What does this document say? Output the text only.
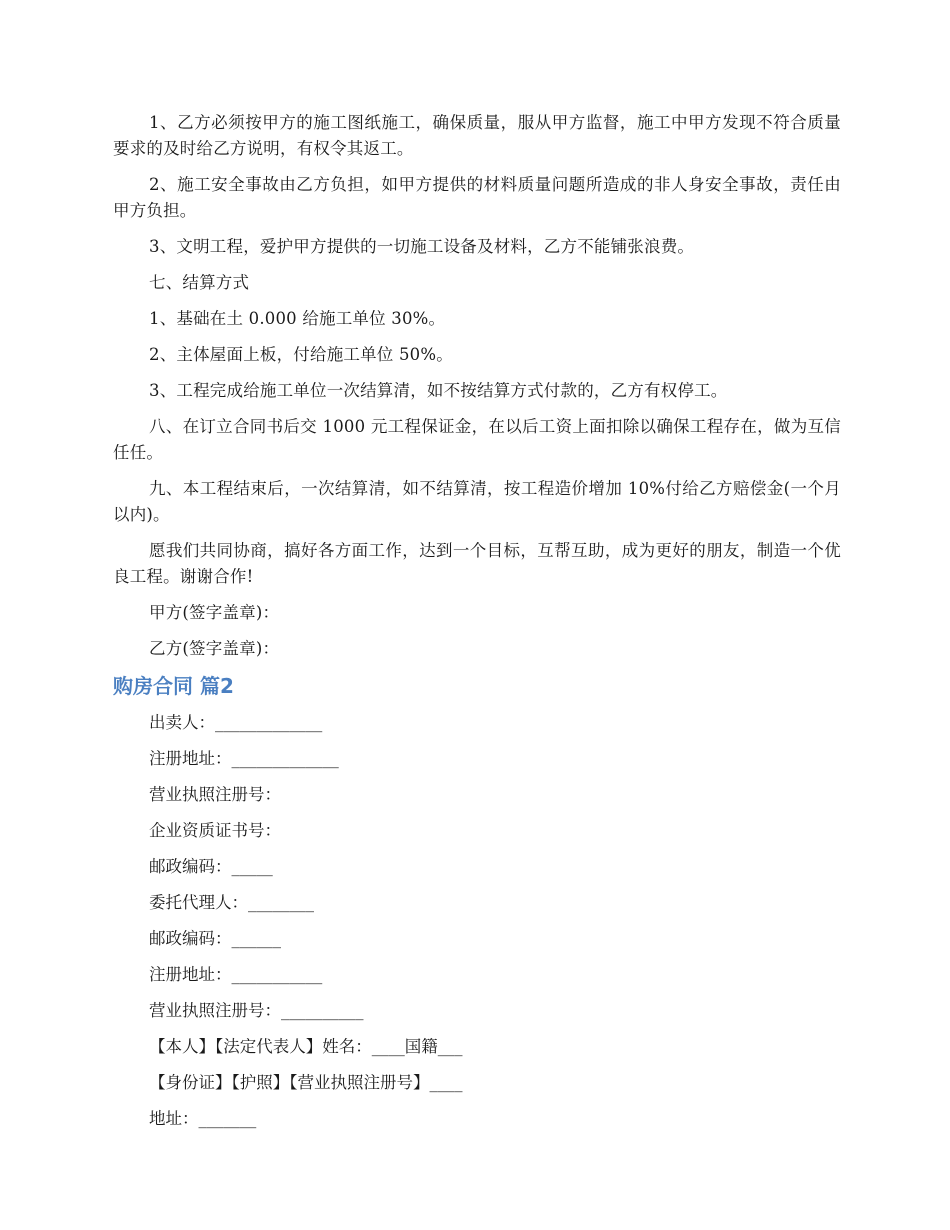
1、乙方必须按甲方的施工图纸施工，确保质量，服从甲方监督，施工中甲方发现不符合质量要求的及时给乙方说明，有权令其返工。

2、施工安全事故由乙方负担，如甲方提供的材料质量问题所造成的非人身安全事故，责任由甲方负担。

3、文明工程，爱护甲方提供的一切施工设备及材料，乙方不能铺张浪费。

七、结算方式

1、基础在土 0.000 给施工单位 30%。

2、主体屋面上板，付给施工单位 50%。

3、工程完成给施工单位一次结算清，如不按结算方式付款的，乙方有权停工。

八、在订立合同书后交 1000 元工程保证金，在以后工资上面扣除以确保工程存在，做为互信任任。

九、本工程结束后，一次结算清，如不结算清，按工程造价增加 10%付给乙方赔偿金(一个月以内)。

愿我们共同协商，搞好各方面工作，达到一个目标，互帮互助，成为更好的朋友，制造一个优良工程。谢谢合作!

甲方(签字盖章)：

乙方(签字盖章)：

购房合同 篇2
出卖人：_____________
注册地址：_____________
营业执照注册号：
企业资质证书号：
邮政编码：_____
委托代理人：________
邮政编码：______
注册地址：___________
营业执照注册号：__________
【本人】【法定代表人】姓名：____国籍___
【身份证】【护照】【营业执照注册号】____
地址：_______
